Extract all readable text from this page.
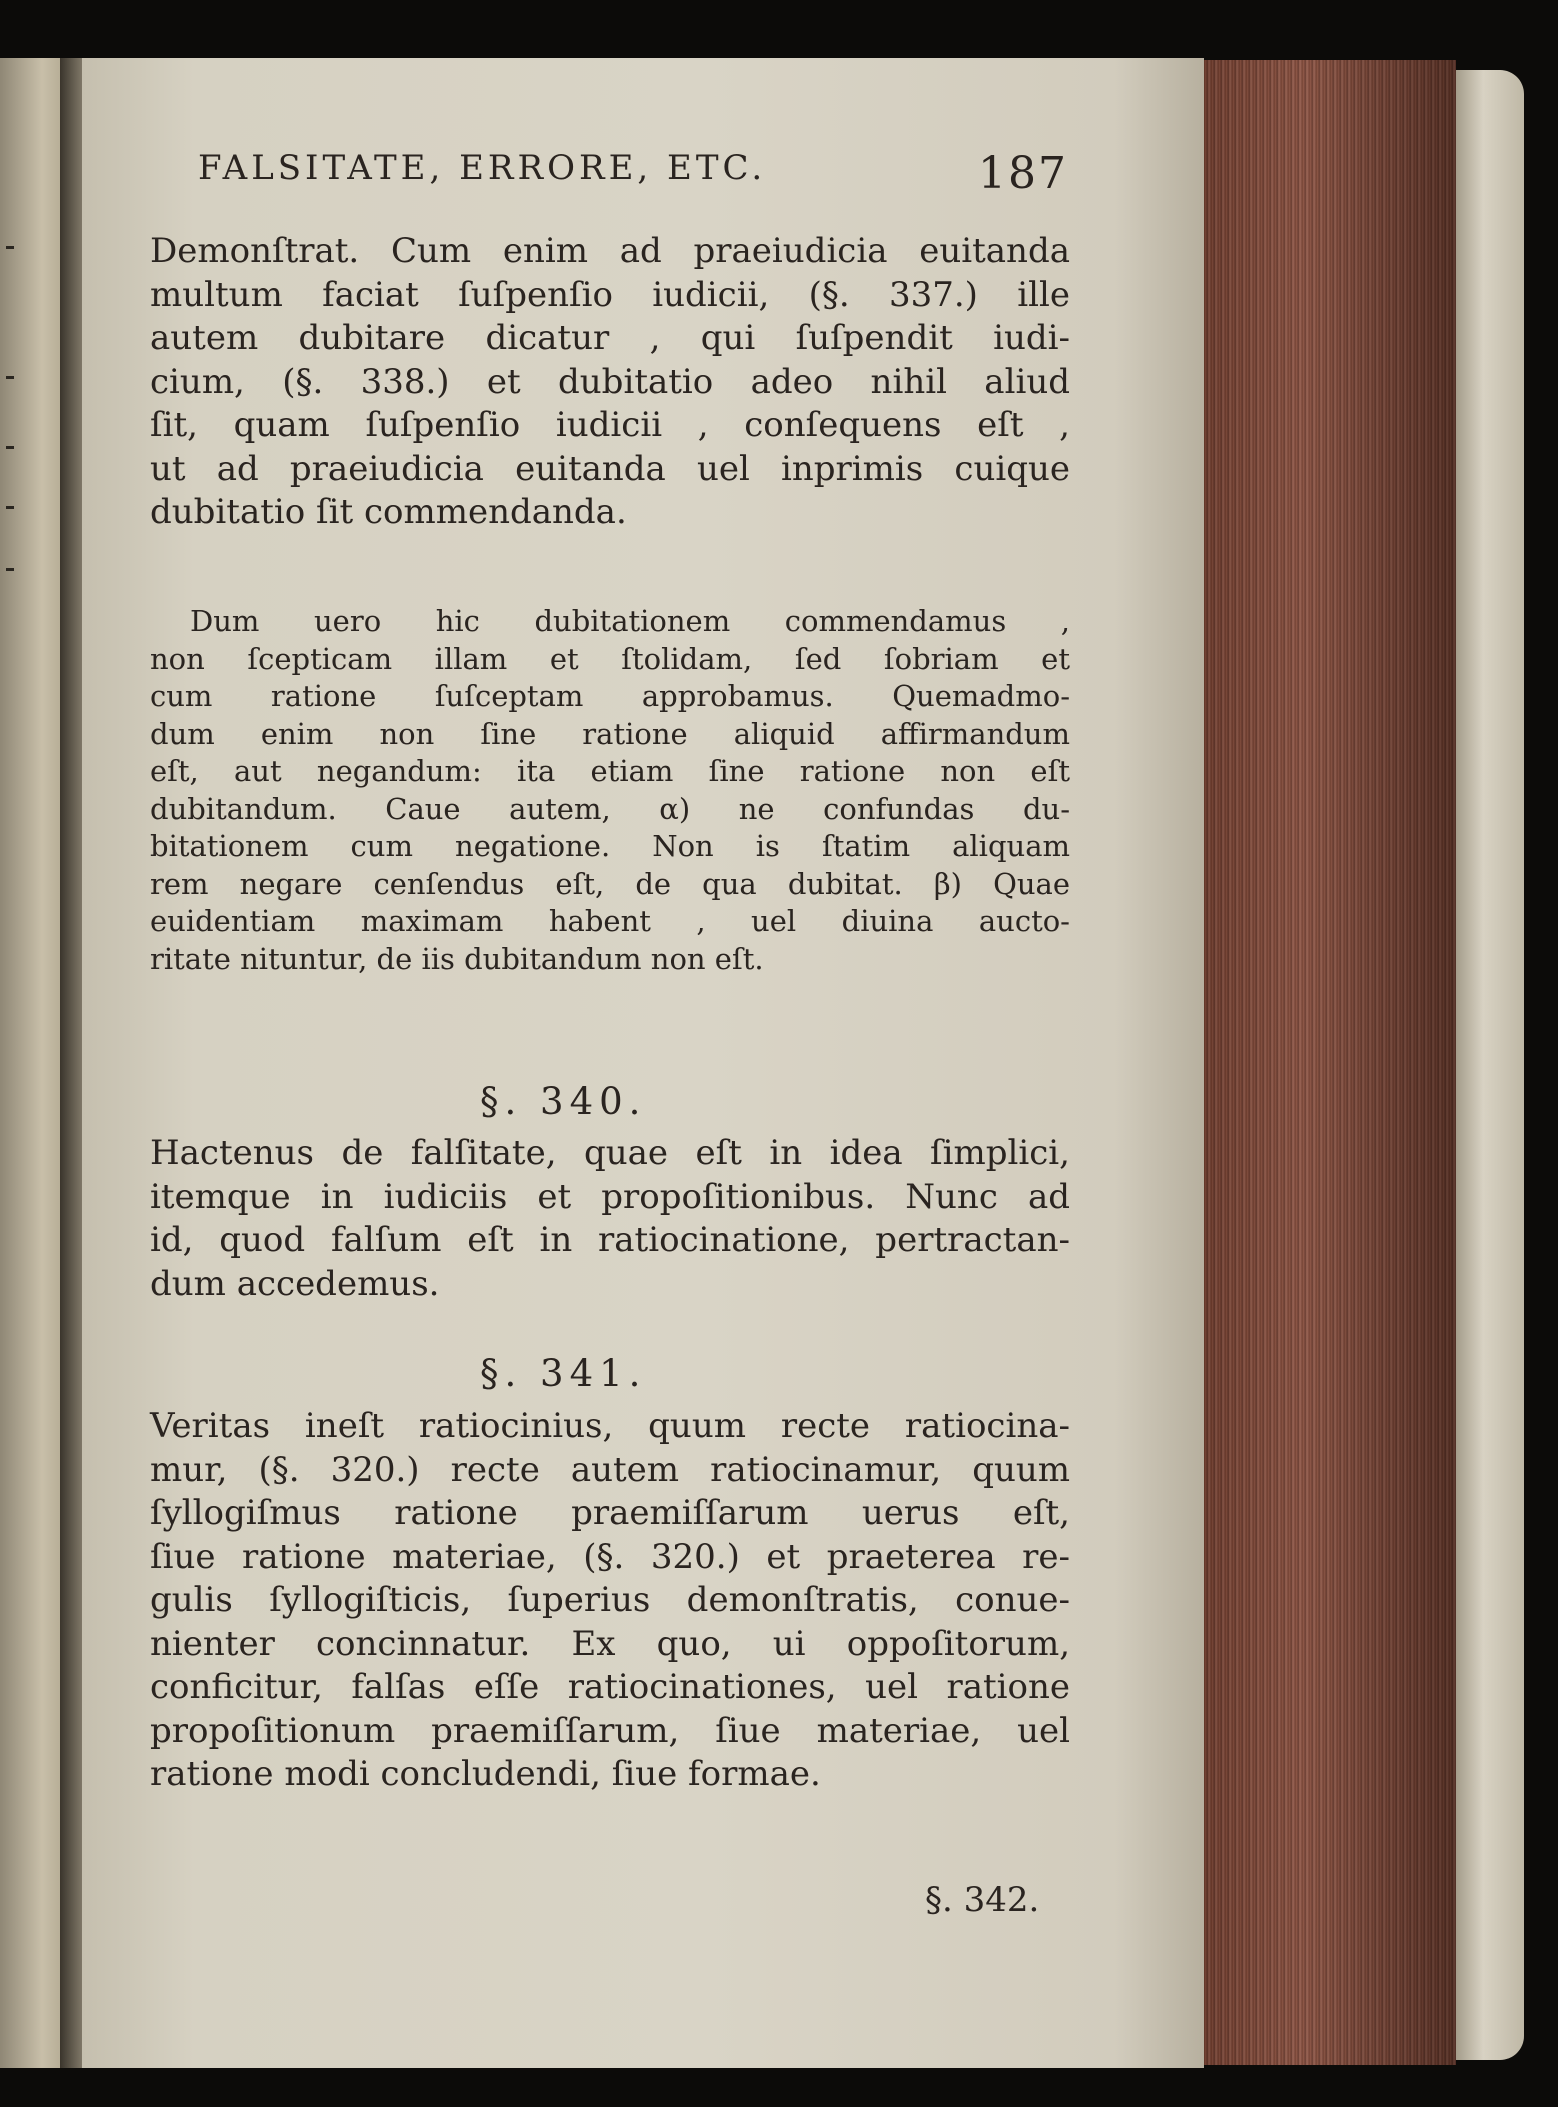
FALSITATE, ERRORE, ETC.	187
Demonſtrat. Cum enim ad praeiudicia euitanda
multum faciat ſuſpenſio iudicii, (§. 337.) ille
autem dubitare dicatur , qui ſuſpendit iudi-
cium, (§. 338.) et dubitatio adeo nihil aliud
ſit, quam ſuſpenſio iudicii , conſequens eſt ,
ut ad praeiudicia euitanda uel inprimis cuique
dubitatio ſit commendanda.
Dum uero hic dubitationem commendamus ,
non ſcepticam illam et ſtolidam, ſed ſobriam et
cum ratione ſuſceptam approbamus. Quemadmo-
dum enim non ſine ratione aliquid affirmandum
eſt, aut negandum: ita etiam ſine ratione non eſt
dubitandum. Caue autem, α) ne confundas du-
bitationem cum negatione. Non is ſtatim aliquam
rem negare cenſendus eſt, de qua dubitat. β) Quae
euidentiam maximam habent , uel diuina aucto-
ritate nituntur, de iis dubitandum non eſt.
§. 340.
Hactenus de falſitate, quae eſt in idea ſimplici,
itemque in iudiciis et propoſitionibus. Nunc ad
id, quod falſum eſt in ratiocinatione, pertractan-
dum accedemus.
§. 341.
Veritas ineſt ratiocinius, quum recte ratiocina-
mur, (§. 320.) recte autem ratiocinamur, quum
ſyllogiſmus ratione praemiſſarum uerus eſt,
ſiue ratione materiae, (§. 320.) et praeterea re-
gulis ſyllogiſticis, ſuperius demonſtratis, conue-
nienter concinnatur. Ex quo, ui oppoſitorum,
conficitur, falſas eſſe ratiocinationes, uel ratione
propoſitionum praemiſſarum, ſiue materiae, uel
ratione modi concludendi, ſiue formae.
§. 342.
